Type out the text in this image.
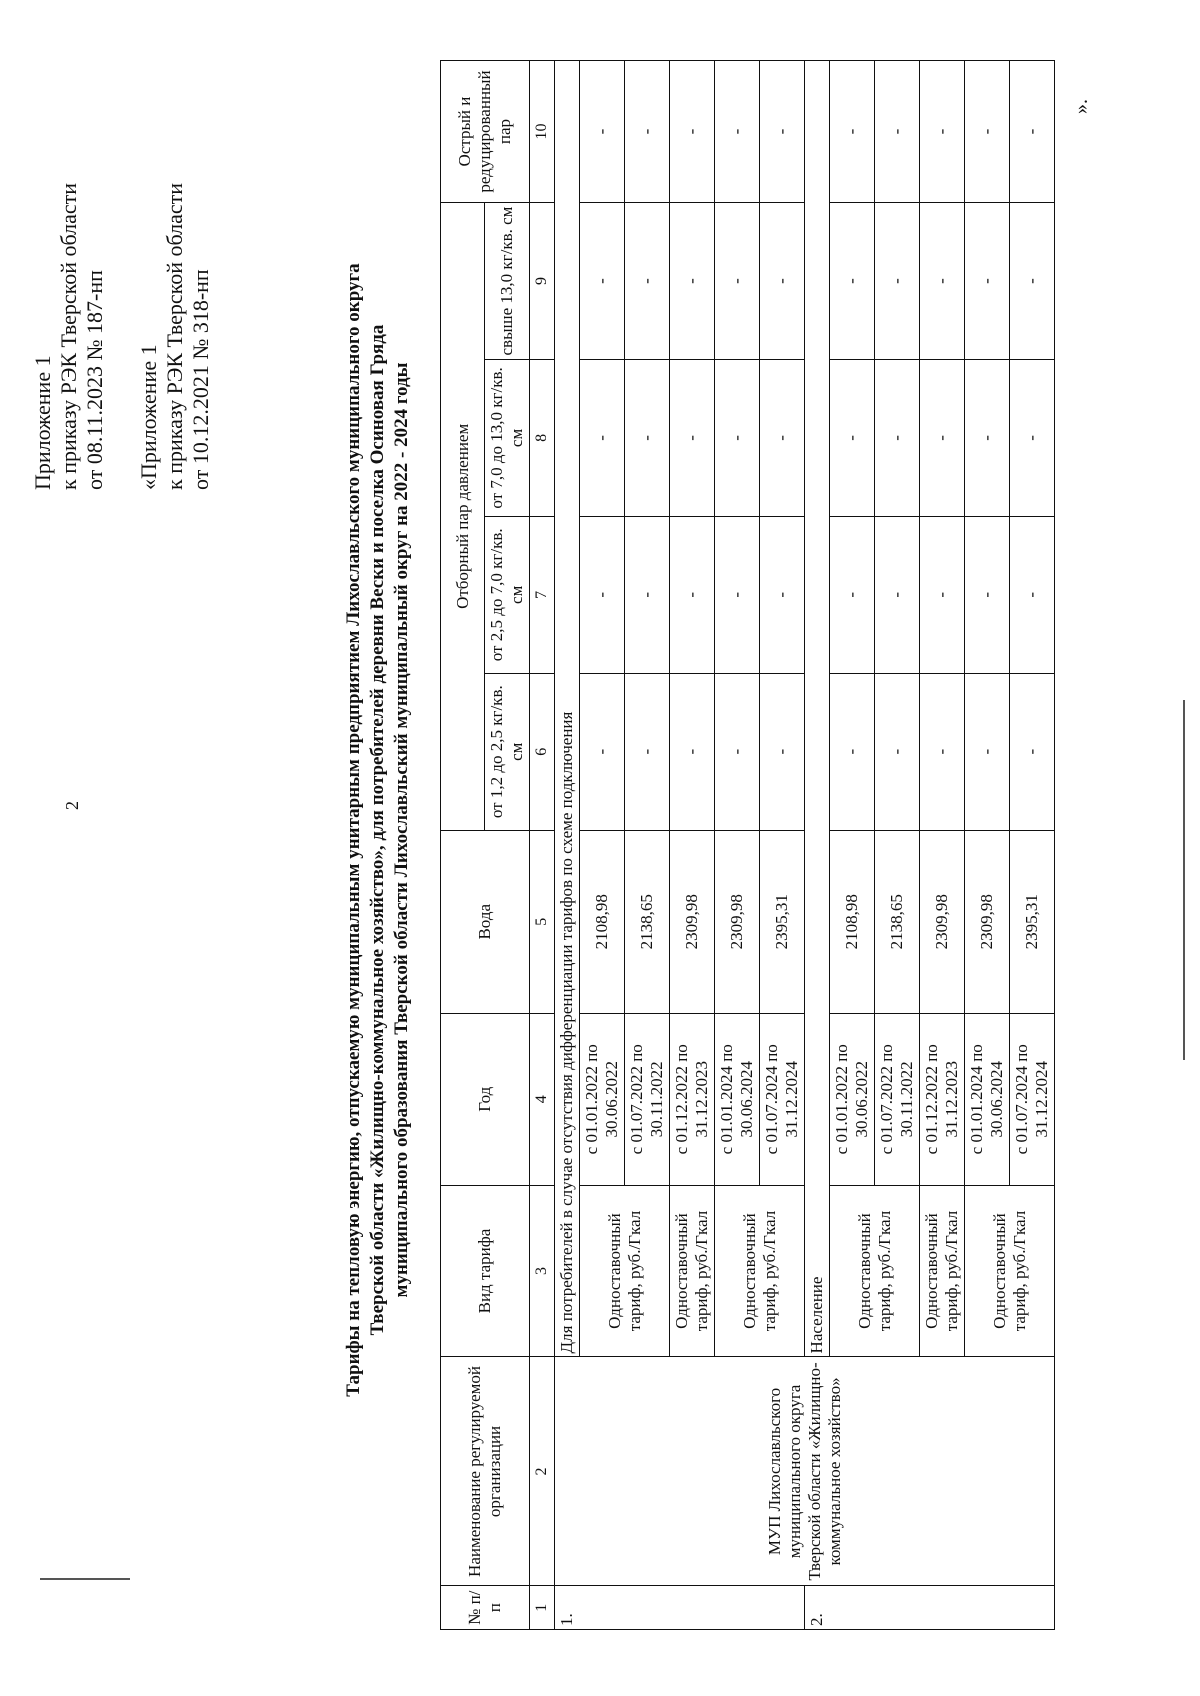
2
Приложение 1 к приказу РЭК Тверской области от 08.11.2023 № 187-нп «Приложение 1 к приказу РЭК Тверской области от 10.12.2021 № 318-нп	Тарифы на тепловую энергию, отпускаемую муниципальным унитарным предприятием Лихославльского муниципального округа Тверской области «Жилищно-коммунальное хозяйство», для потребителей деревни Вески и поселка Осиновая Гряда муниципального образования Тверской области Лихославльский муниципальный округ на 2022 - 2024 годы
№ п/п	Наименование регулируемой организации	Вид тарифа	Год	Вода	Отборный пар давлением				Острый и редуцированный пар
					от 1,2 до 2,5 кг/кв. см	от 2,5 до 7,0 кг/кв. см	от 7,0 до 13,0 кг/кв. см	свыше 13,0 кг/кв. см	
1	2	3	4	5	6	7	8	9	10
1.	МУП Лихославльского муниципального округа Тверской области «Жилищно-коммунальное хозяйство»	Для потребителей в случае отсутствия дифференциации тарифов по схеме подключения							
		Одноставочный тариф, руб./Гкал	с 01.01.2022 по 30.06.2022	2108,98	-	-	-	-	-
			с 01.07.2022 по 30.11.2022	2138,65	-	-	-	-	-
		Одноставочный тариф, руб./Гкал	с 01.12.2022 по 31.12.2023	2309,98	-	-	-	-	-
		Одноставочный тариф, руб./Гкал	с 01.01.2024 по 30.06.2024	2309,98	-	-	-	-	-
			с 01.07.2024 по 31.12.2024	2395,31	-	-	-	-	-
2.		Население							
		Одноставочный тариф, руб./Гкал	с 01.01.2022 по 30.06.2022	2108,98	-	-	-	-	-
			с 01.07.2022 по 30.11.2022	2138,65	-	-	-	-	-
		Одноставочный тариф, руб./Гкал	с 01.12.2022 по 31.12.2023	2309,98	-	-	-	-	-
		Одноставочный тариф, руб./Гкал	с 01.01.2024 по 30.06.2024	2309,98	-	-	-	-	-
			с 01.07.2024 по 31.12.2024	2395,31	-	-	-	-	-
».
